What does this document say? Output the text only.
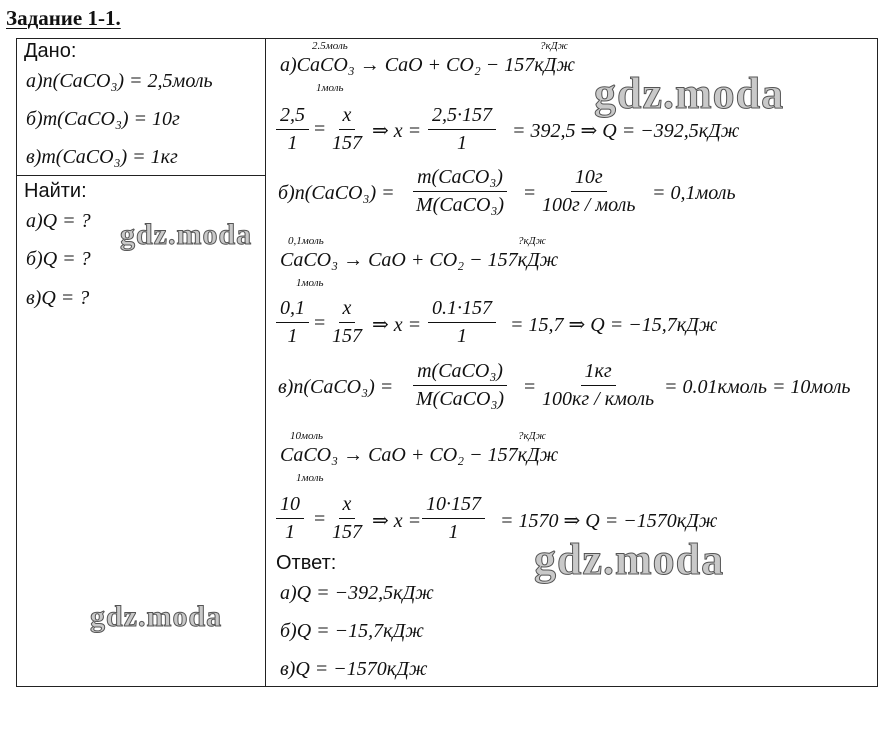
Задание 1-1.
Дано:
а)n(CaCO₃) = 2,5моль
б)m(CaCO₃) = 10г
в)m(CaCO₃) = 1кг
Найти:
а)Q = ?
б)Q = ?
в)Q = ?
2.5моль	?кДж
а)CaCO₃ → CaO + CO₂ − 157кДж
1моль
$\frac{2,5}{1} = \frac{x}{157}$ ⇒ $x = \frac{2,5\cdot 157}{1} = 392,5$ ⇒ Q = −392,5кДж
б)n(CaCO₃) =
m(CaCO₃)
M(CaCO₃)
=
10г
100г / моль
= 0,1моль
0,1моль	?кДж
CaCO₃ → CaO + CO₂ − 157кДж
1моль
$\frac{0,1}{1} = \frac{x}{157}$ ⇒ $x = \frac{0.1\cdot 157}{1} = 15,7$ ⇒ Q = −15,7кДж
в)n(CaCO₃) =
m(CaCO₃)
M(CaCO₃)
=
1кг
100кг / кмоль
= 0.01кмоль = 10моль
10моль	?кДж
CaCO₃ → CaO + CO₂ − 157кДж
1моль
$\frac{10}{1} = \frac{x}{157}$ ⇒ $x = \frac{10\cdot 157}{1} = 1570$ ⇒ Q = −1570кДж
Ответ:
а)Q = −392,5кДж
б)Q = −15,7кДж
в)Q = −1570кДж
gdz.moda
gdz.moda
gdz.moda
gdz.moda
